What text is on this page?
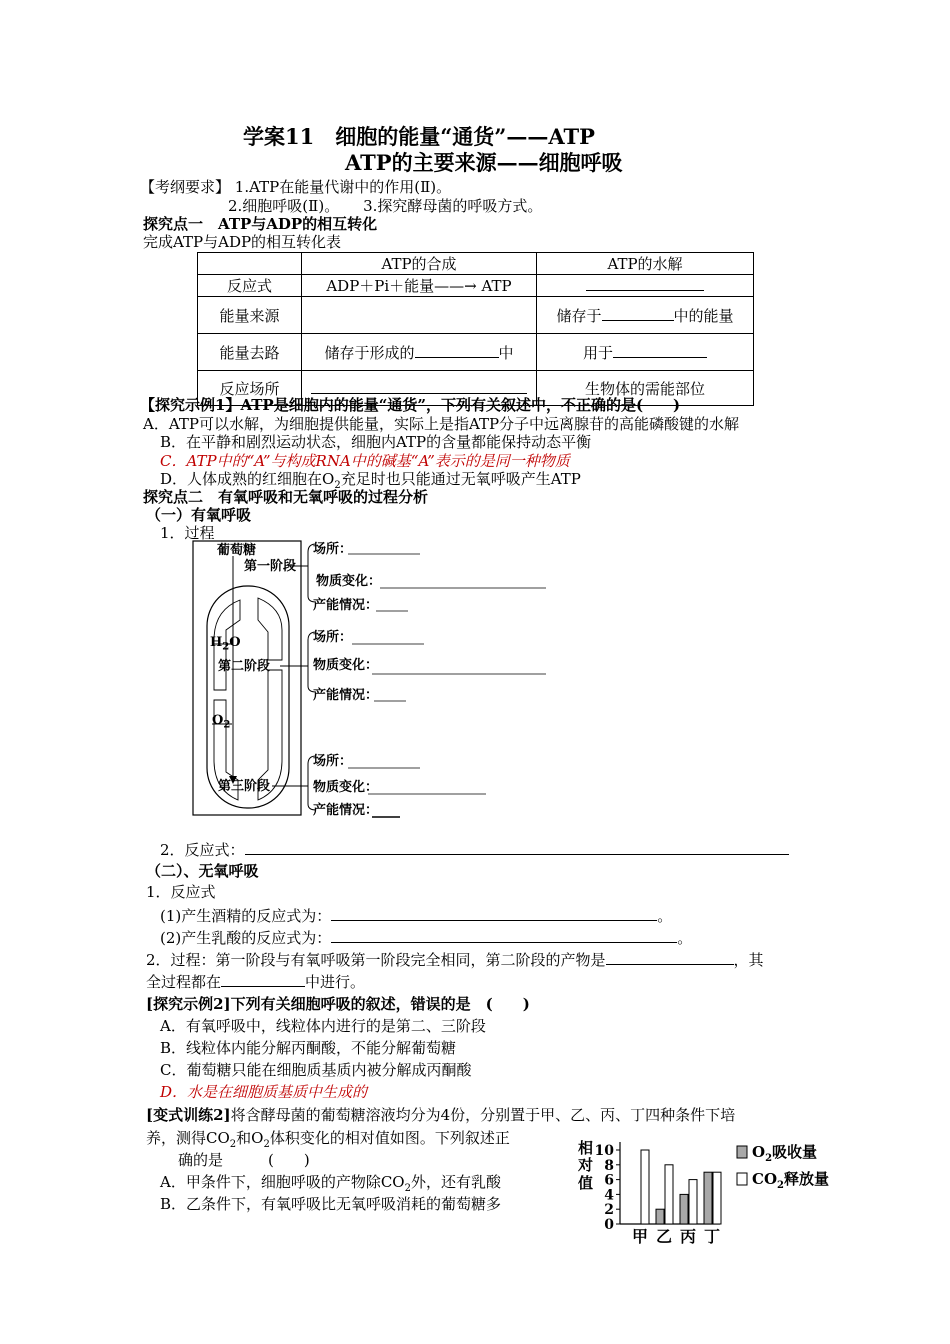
学案11　细胞的能量“通货”——ATP
ATP的主要来源——细胞呼吸
【考纲要求】 1.ATP在能量代谢中的作用(Ⅱ)。
2.细胞呼吸(Ⅱ)。 3.探究酵母菌的呼吸方式。
探究点一　ATP与ADP的相互转化
完成ATP与ADP的相互转化表
	ATP的合成	ATP的水解
反应式	ADP＋Pi＋能量——→ ATP	
能量来源		储存于 中的能量
能量去路	储存于形成的 中	用于
反应场所		生物体的需能部位
【探究示例1】ATP是细胞内的能量“通货”，下列有关叙述中，不正确的是(　　)
A．ATP可以水解，为细胞提供能量，实际上是指ATP分子中远离腺苷的高能磷酸键的水解
B．在平静和剧烈运动状态，细胞内ATP的含量都能保持动态平衡
C．ATP中的“A”与构成RNA中的碱基“A”表示的是同一种物质
D．人体成熟的红细胞在$O_2$充足时也只能通过无氧呼吸产生ATP
探究点二　有氧呼吸和无氧呼吸的过程分析
（一）有氧呼吸
1．过程
葡萄糖
第一阶段
$H_2O$
第二阶段
$O_2$
第三阶段
场所：
物质变化：
产能情况：
场所：
物质变化：
产能情况：
场所：
物质变化：
产能情况：
2．反应式：
（二）、无氧呼吸
1．反应式
(1)产生酒精的反应式为：	。
(2)产生乳酸的反应式为：	。
2．过程：第一阶段与有氧呼吸第一阶段完全相同，第二阶段的产物是	，其
全过程都在	中进行。
[探究示例2]下列有关细胞呼吸的叙述，错误的是　(　　)
A．有氧呼吸中，线粒体内进行的是第二、三阶段
B．线粒体内能分解丙酮酸，不能分解葡萄糖
C．葡萄糖只能在细胞质基质内被分解成丙酮酸
D．水是在细胞质基质中生成的
[变式训练2]将含酵母菌的葡萄糖溶液均分为4份，分别置于甲、乙、丙、丁四种条件下培
养，测得$CO_2$和$O_2$体积变化的相对值如图。下列叙述正
确的是　　　(　　)
A．甲条件下，细胞呼吸的产物除$CO_2$外，还有乳酸
B．乙条件下，有氧呼吸比无氧呼吸消耗的葡萄糖多
0
2
4
6
8
10
甲 乙 丙 丁
相对值
$O_2$吸收量
$CO_2$释放量
